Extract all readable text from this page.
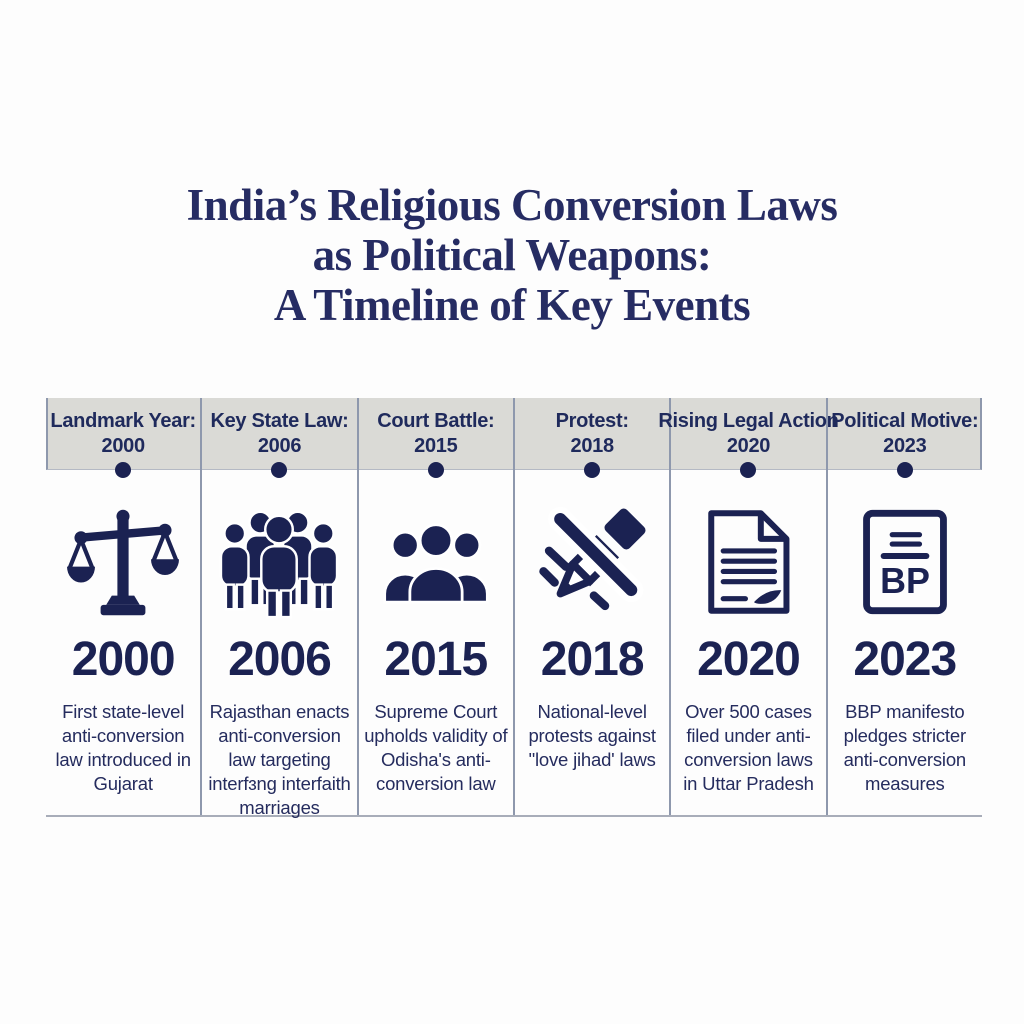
India’s Religious Conversion Laws
as Political Weapons:
A Timeline of Key Events
Landmark Year:
2000
2000
First state-level anti-conversion law introduced in Gujarat
Key State Law:
2006
2006
Rajasthan enacts anti-conversion law targeting interfɜng interfaith marriages
Court Battle:
2015
2015
Supreme Court upholds validity of Odisha's anti-conversion law
Protest:
2018
2018
National-level protests against "love jihad' laws
Rising Legal Action
2020
2020
Over 500 cases filed under anti-conversion laws in Uttar Pradesh
Political Motive:
2023
BP
2023
BBP manifesto pledges stricter anti-conversion measures
